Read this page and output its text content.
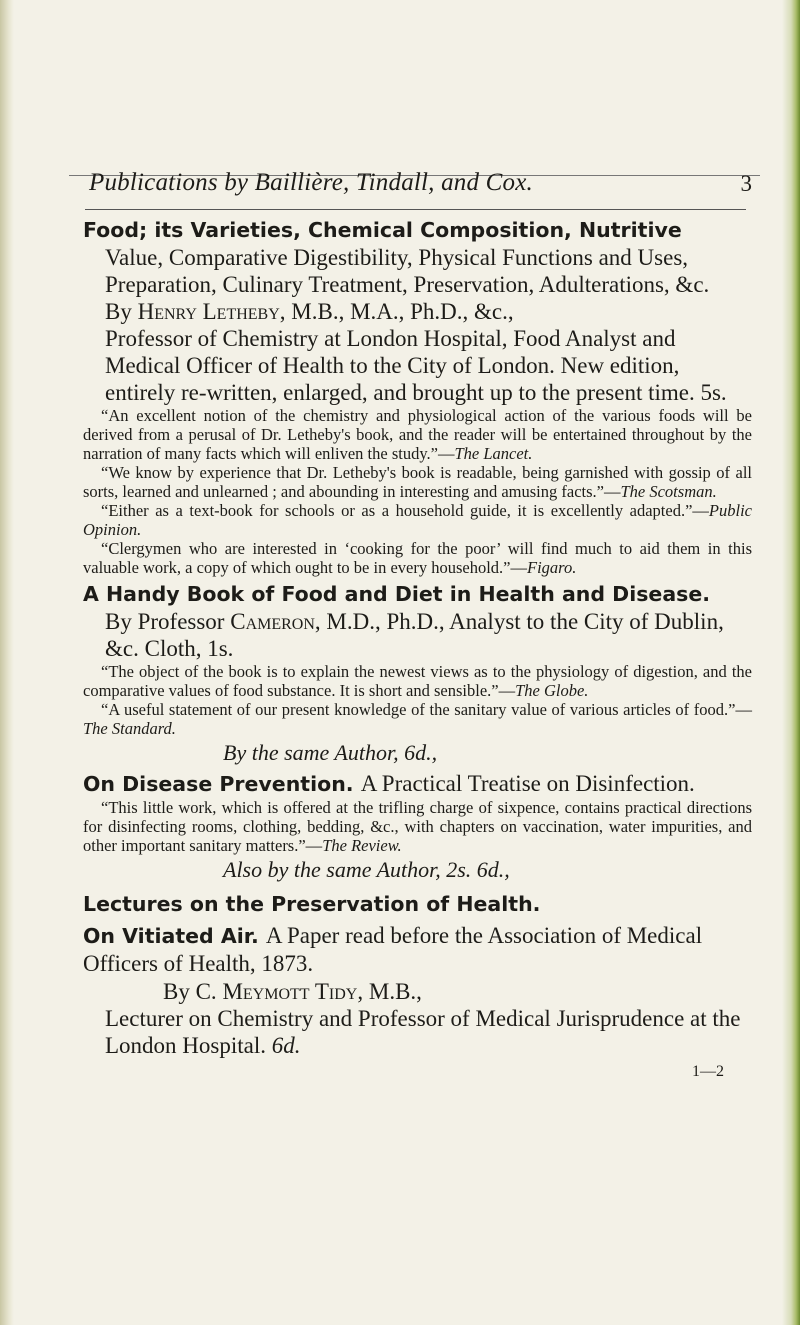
Publications by Baillière, Tindall, and Cox.	3
Food; its Varieties, Chemical Composition, Nutritive
Value, Comparative Digestibility, Physical Functions and Uses, Preparation, Culinary Treatment, Preservation, Adulterations, &c.
By Henry Letheby, M.B., M.A., Ph.D., &c.,
Professor of Chemistry at London Hospital, Food Analyst and Medical Officer of Health to the City of London. New edition, entirely re-written, enlarged, and brought up to the present time. 5s.
“An excellent notion of the chemistry and physiological action of the various foods will be derived from a perusal of Dr. Letheby's book, and the reader will be entertained throughout by the narration of many facts which will enliven the study.”—The Lancet.
“We know by experience that Dr. Letheby's book is readable, being garnished with gossip of all sorts, learned and unlearned ; and abounding in interesting and amusing facts.”—The Scotsman.
“Either as a text-book for schools or as a household guide, it is excellently adapted.”—Public Opinion.
“Clergymen who are interested in ‘cooking for the poor’ will find much to aid them in this valuable work, a copy of which ought to be in every household.”—Figaro.
A Handy Book of Food and Diet in Health and Disease.
By Professor Cameron, M.D., Ph.D., Analyst to the City of Dublin, &c. Cloth, 1s.
“The object of the book is to explain the newest views as to the physiology of digestion, and the comparative values of food substance. It is short and sensible.”—The Globe.
“A useful statement of our present knowledge of the sanitary value of various articles of food.”—The Standard.
By the same Author, 6d.,
On Disease Prevention. A Practical Treatise on Disinfection.
“This little work, which is offered at the trifling charge of sixpence, contains practical directions for disinfecting rooms, clothing, bedding, &c., with chapters on vaccination, water impurities, and other important sanitary matters.”—The Review.
Also by the same Author, 2s. 6d.,
Lectures on the Preservation of Health.
On Vitiated Air. A Paper read before the Association of Medical Officers of Health, 1873.
By C. Meymott Tidy, M.B.,
Lecturer on Chemistry and Professor of Medical Jurisprudence at the London Hospital. 6d.
1—2
